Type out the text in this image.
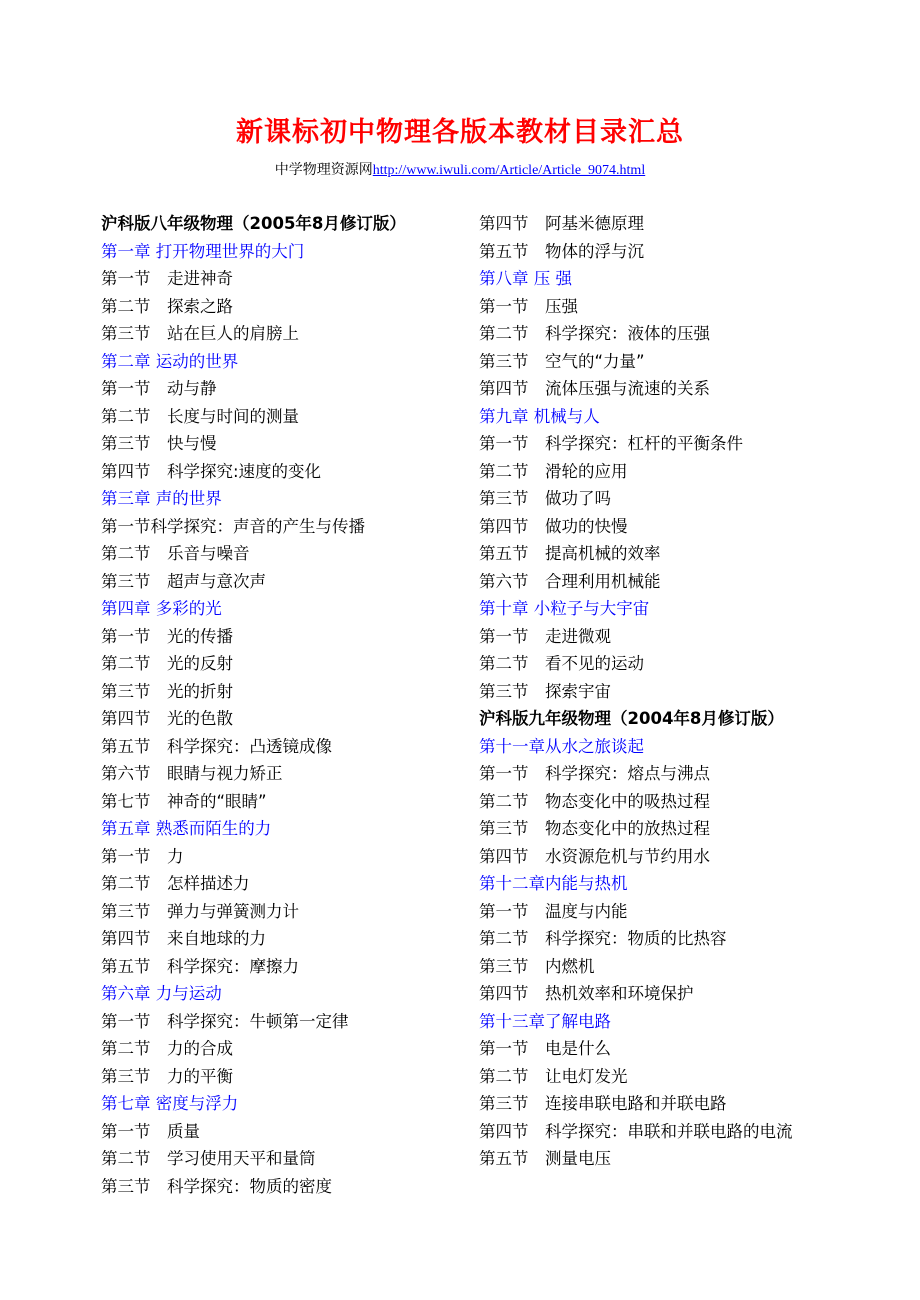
新课标初中物理各版本教材目录汇总
中学物理资源网http://www.iwuli.com/Article/Article_9074.html
沪科版八年级物理（2005年8月修订版）
第一章 打开物理世界的大门
第一节　走进神奇
第二节　探索之路
第三节　站在巨人的肩膀上
第二章 运动的世界
第一节　动与静
第二节　长度与时间的测量
第三节　快与慢
第四节　科学探究:速度的变化
第三章 声的世界
第一节科学探究：声音的产生与传播
第二节　乐音与噪音
第三节　超声与意次声
第四章 多彩的光
第一节　光的传播
第二节　光的反射
第三节　光的折射
第四节　光的色散
第五节　科学探究：凸透镜成像
第六节　眼睛与视力矫正
第七节　神奇的“眼睛”
第五章 熟悉而陌生的力
第一节　力
第二节　怎样描述力
第三节　弹力与弹簧测力计
第四节　来自地球的力
第五节　科学探究：摩擦力
第六章 力与运动
第一节　科学探究：牛顿第一定律
第二节　力的合成
第三节　力的平衡
第七章 密度与浮力
第一节　质量
第二节　学习使用天平和量筒
第三节　科学探究：物质的密度
第四节　阿基米德原理
第五节　物体的浮与沉
第八章 压 强
第一节　压强
第二节　科学探究：液体的压强
第三节　空气的“力量”
第四节　流体压强与流速的关系
第九章 机械与人
第一节　科学探究：杠杆的平衡条件
第二节　滑轮的应用
第三节　做功了吗
第四节　做功的快慢
第五节　提高机械的效率
第六节　合理利用机械能
第十章 小粒子与大宇宙
第一节　走进微观
第二节　看不见的运动
第三节　探索宇宙
沪科版九年级物理（2004年8月修订版）
第十一章从水之旅谈起
第一节　科学探究：熔点与沸点
第二节　物态变化中的吸热过程
第三节　物态变化中的放热过程
第四节　水资源危机与节约用水
第十二章内能与热机
第一节　温度与内能
第二节　科学探究：物质的比热容
第三节　内燃机
第四节　热机效率和环境保护
第十三章了解电路
第一节　电是什么
第二节　让电灯发光
第三节　连接串联电路和并联电路
第四节　科学探究：串联和并联电路的电流
第五节　测量电压
